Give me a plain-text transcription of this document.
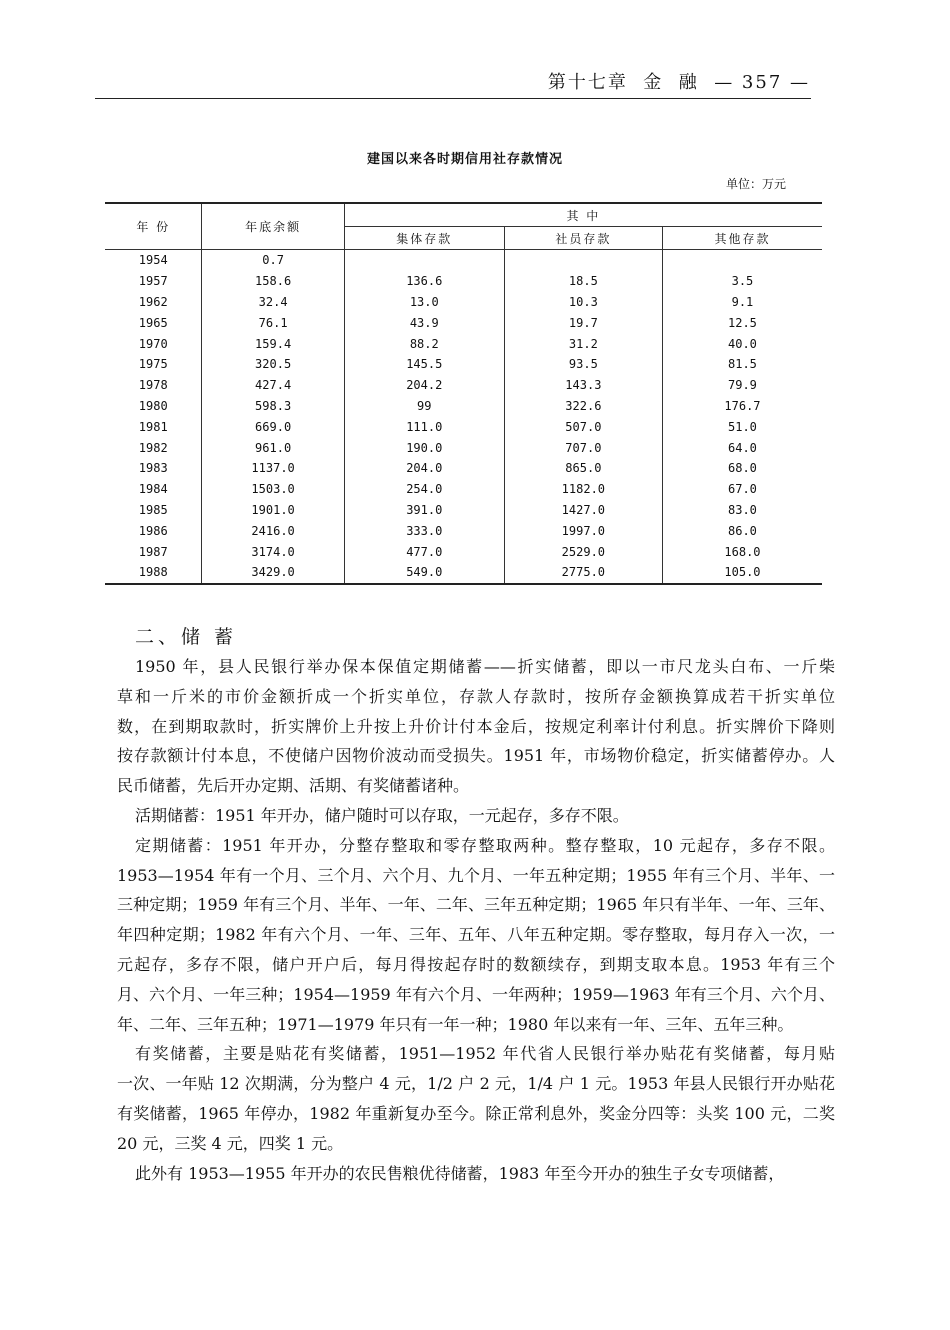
第十七章  金  融  — 357 —
建国以来各时期信用社存款情况
单位：万元
年 份	年底余额	其 中		
		集体存款	社员存款	其他存款
1954	0.7			
1957	158.6	136.6	18.5	3.5
1962	32.4	13.0	10.3	9.1
1965	76.1	43.9	19.7	12.5
1970	159.4	88.2	31.2	40.0
1975	320.5	145.5	93.5	81.5
1978	427.4	204.2	143.3	79.9
1980	598.3	99	322.6	176.7
1981	669.0	111.0	507.0	51.0
1982	961.0	190.0	707.0	64.0
1983	1137.0	204.0	865.0	68.0
1984	1503.0	254.0	1182.0	67.0
1985	1901.0	391.0	1427.0	83.0
1986	2416.0	333.0	1997.0	86.0
1987	3174.0	477.0	2529.0	168.0
1988	3429.0	549.0	2775.0	105.0
二、储 蓄
1950 年，县人民银行举办保本保值定期储蓄——折实储蓄，即以一市尺龙头白布、一斤柴
草和一斤米的市价金额折成一个折实单位，存款人存款时，按所存金额换算成若干折实单位
数，在到期取款时，折实牌价上升按上升价计付本金后，按规定利率计付利息。折实牌价下降则
按存款额计付本息，不使储户因物价波动而受损失。1951 年，市场物价稳定，折实储蓄停办。人
民币储蓄，先后开办定期、活期、有奖储蓄诸种。
活期储蓄：1951 年开办，储户随时可以存取，一元起存，多存不限。
定期储蓄：1951 年开办，分整存整取和零存整取两种。整存整取，10 元起存，多存不限。
1953—1954 年有一个月、三个月、六个月、九个月、一年五种定期；1955 年有三个月、半年、一
三种定期；1959 年有三个月、半年、一年、二年、三年五种定期；1965 年只有半年、一年、三年、
年四种定期；1982 年有六个月、一年、三年、五年、八年五种定期。零存整取，每月存入一次，一
元起存，多存不限，储户开户后，每月得按起存时的数额续存，到期支取本息。1953 年有三个
月、六个月、一年三种；1954—1959 年有六个月、一年两种；1959—1963 年有三个月、六个月、
年、二年、三年五种；1971—1979 年只有一年一种；1980 年以来有一年、三年、五年三种。
有奖储蓄，主要是贴花有奖储蓄，1951—1952 年代省人民银行举办贴花有奖储蓄，每月贴
一次、一年贴 12 次期满，分为整户 4 元，1/2 户 2 元，1/4 户 1 元。1953 年县人民银行开办贴花
有奖储蓄，1965 年停办，1982 年重新复办至今。除正常利息外，奖金分四等：头奖 100 元，二奖
20 元，三奖 4 元，四奖 1 元。
此外有 1953—1955 年开办的农民售粮优待储蓄，1983 年至今开办的独生子女专项储蓄，
